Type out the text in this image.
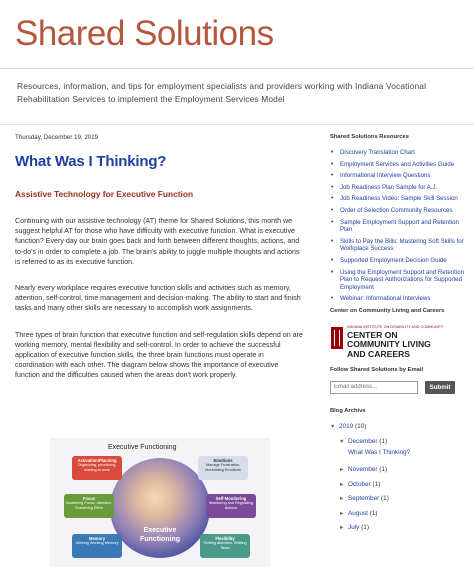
Shared Solutions
Resources, information, and tips for employment specialists and providers working with Indiana Vocational Rehabilitation Services to implement the Employment Services Model
Thursday, December 19, 2019
What Was I Thinking?
Assistive Technology for Executive Function

Continuing with our assistive technology (AT) theme for Shared Solutions, this month we suggest helpful AT for those who have difficulty with executive function. What is executive function? Every day our brain goes back and forth between different thoughts, actions, and to-do's in order to complete a job. The brain's ability to juggle multiple thoughts and actions is referred to as its executive function.

Nearly every workplace requires executive function skills and activities such as memory, attention, self-control, time management and decision-making. The ability to start and finish tasks and many other skills are necessary to accomplish work assignments.

Three types of brain function that executive function and self-regulation skills depend on are working memory, mental flexibility and self-control. In order to achieve the successful application of executive function skills, the three brain functions must operate in coordination with each other. The diagram below shows the importance of executive function and the difficulties caused when the areas don't work properly.

Executive Functioning
Executive Functioning
Activation/Planning
Organizing, prioritizing, starting to work
Emotions
Manage Frustration, Modulating Emotions
Focus
Sustaining Focus, Attention, Sustaining Effort
Self-Monitoring
Monitoring and Regulating Actions
Memory
Utilizing Working Memory
Flexibility
Shifting Attention, Shifting Tasks
Shared Solutions Resources
• Discovery Translation Chart
• Employment Services and Activities Guide
• Informational Interview Questions
• Job Readiness Plan Sample for A.J.
• Job Readiness Video: Sample Skill Session
• Order of Selection Community Resources
• Sample Employment Support and Retention Plan
• Skills to Pay the Bills: Mastering Soft Skills for Workplace Success
• Supported Employment Decision Guide
• Using the Employment Support and Retention Plan to Request Authorizations for Supported Employment
• Webinar: Informational Interviews
Center on Community Living and Careers
INDIANA INSTITUTE ON DISABILITY AND COMMUNITY
CENTER ON COMMUNITY LIVING AND CAREERS
Follow Shared Solutions by Email
Email address...
Submit
Blog Archive
▼ 2019 (10)
▼ December (1)
What Was I Thinking?
► November (1)
► October (1)
► September (1)
► August (1)
► July (1)
